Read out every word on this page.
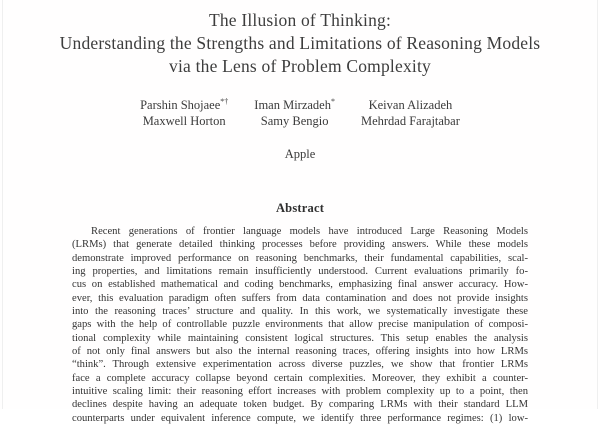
The Illusion of Thinking:
Understanding the Strengths and Limitations of Reasoning Models
via the Lens of Problem Complexity
Parshin Shojaee*† Iman Mirzadeh*	Keivan Alizadeh
Maxwell Horton	Samy Bengio	Mehrdad Farajtabar
Apple
Abstract
Recent generations of frontier language models have introduced Large Reasoning Models
(LRMs) that generate detailed thinking processes before providing answers. While these models
demonstrate improved performance on reasoning benchmarks, their fundamental capabilities, scal-
ing properties, and limitations remain insufficiently understood. Current evaluations primarily fo-
cus on established mathematical and coding benchmarks, emphasizing final answer accuracy. How-
ever, this evaluation paradigm often suffers from data contamination and does not provide insights
into the reasoning traces’ structure and quality. In this work, we systematically investigate these
gaps with the help of controllable puzzle environments that allow precise manipulation of composi-
tional complexity while maintaining consistent logical structures. This setup enables the analysis
of not only final answers but also the internal reasoning traces, offering insights into how LRMs
“think”. Through extensive experimentation across diverse puzzles, we show that frontier LRMs
face a complete accuracy collapse beyond certain complexities. Moreover, they exhibit a counter-
intuitive scaling limit: their reasoning effort increases with problem complexity up to a point, then
declines despite having an adequate token budget. By comparing LRMs with their standard LLM
counterparts under equivalent inference compute, we identify three performance regimes: (1) low-
